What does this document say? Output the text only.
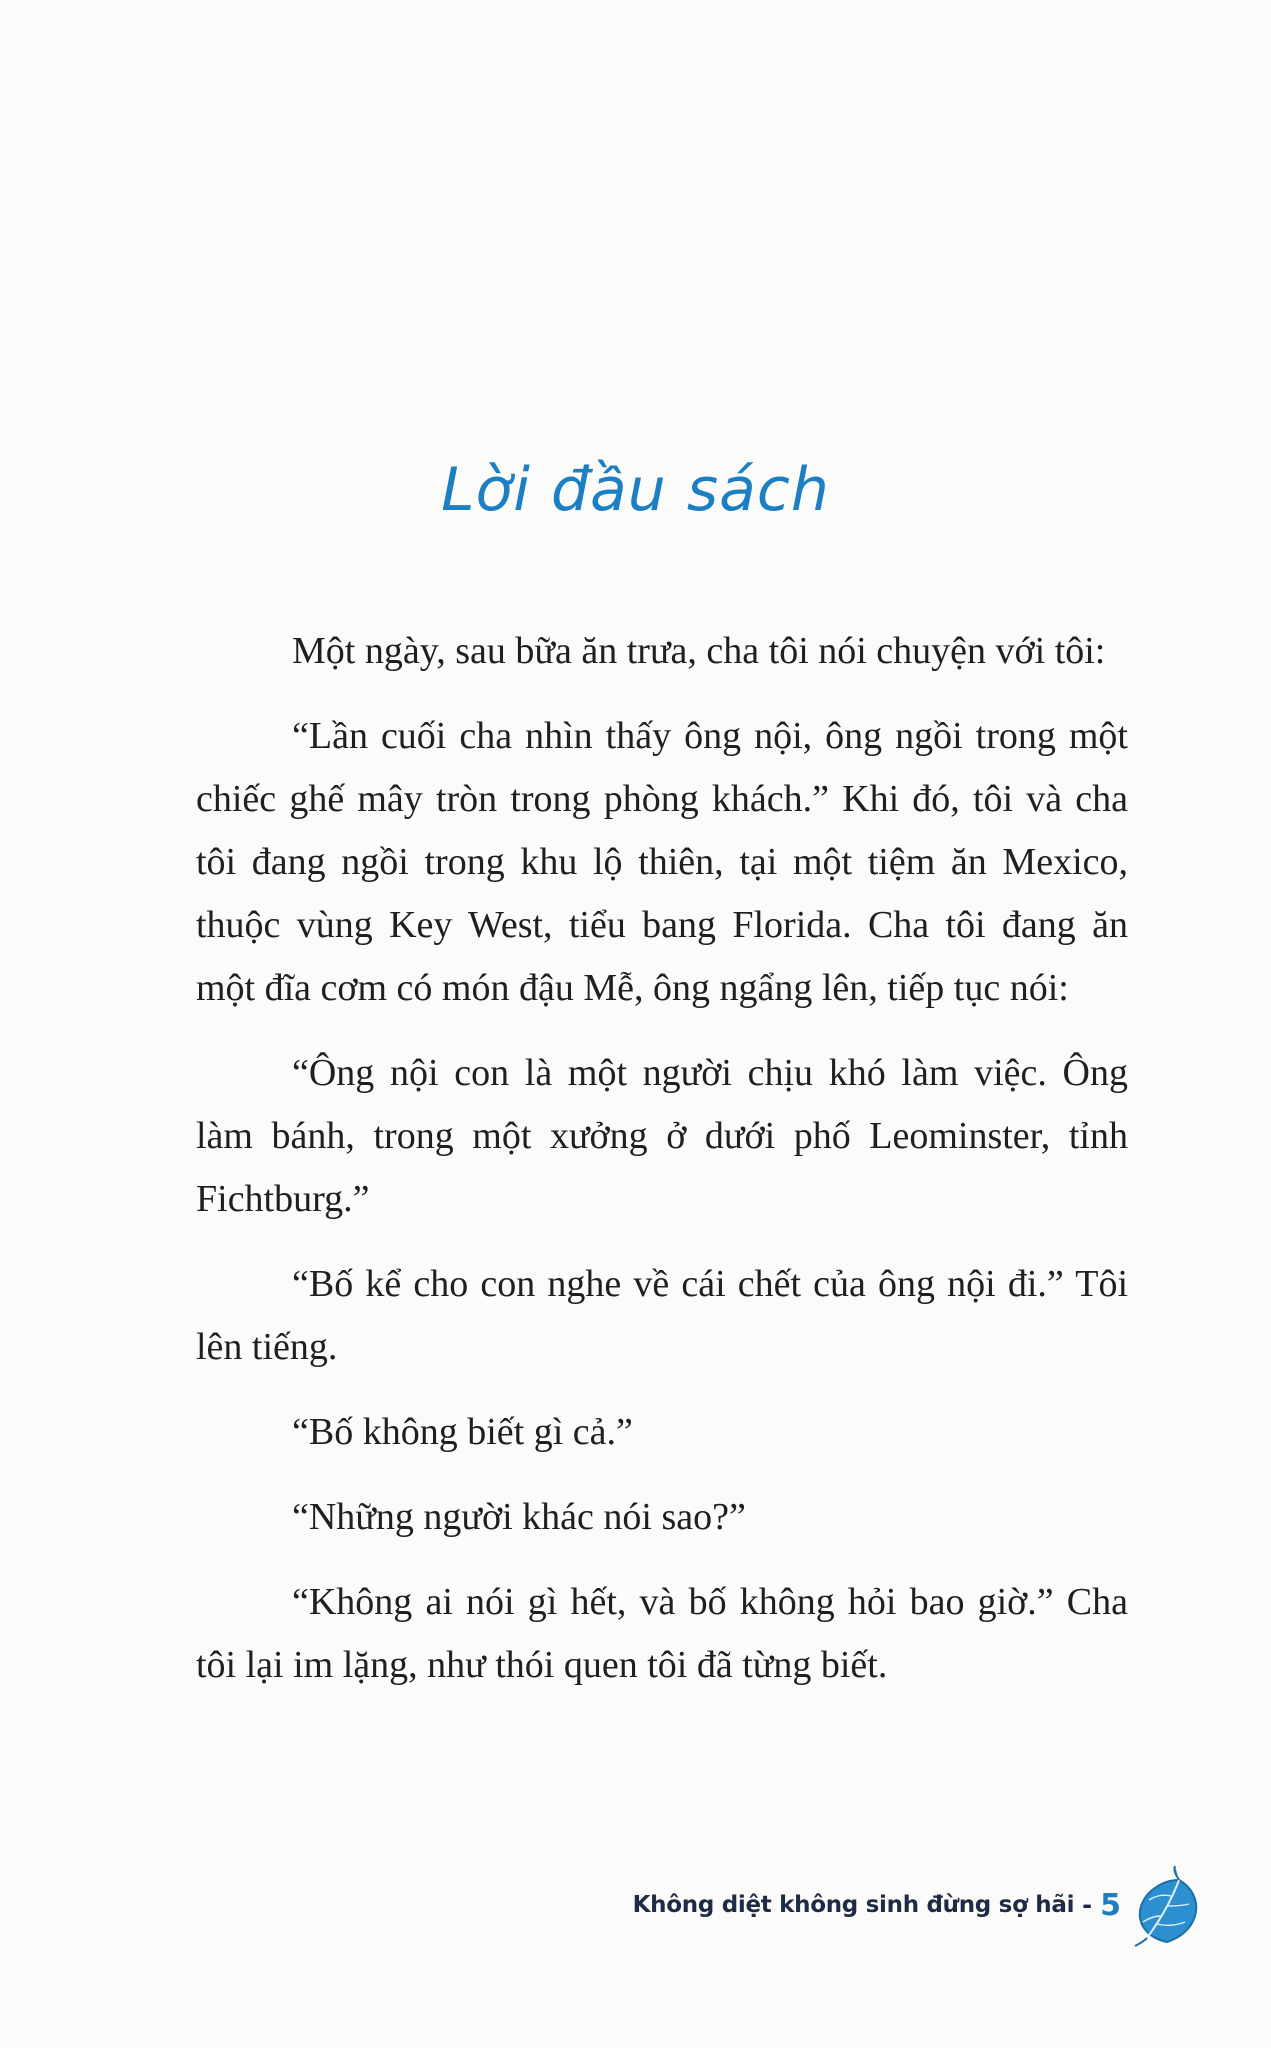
Lời đầu sách

Một ngày, sau bữa ăn trưa, cha tôi nói chuyện với tôi:

“Lần cuối cha nhìn thấy ông nội, ông ngồi trong một chiếc ghế mây tròn trong phòng khách.” Khi đó, tôi và cha tôi đang ngồi trong khu lộ thiên, tại một tiệm ăn Mexico, thuộc vùng Key West, tiểu bang Florida. Cha tôi đang ăn một đĩa cơm có món đậu Mễ, ông ngẩng lên, tiếp tục nói:

“Ông nội con là một người chịu khó làm việc. Ông làm bánh, trong một xưởng ở dưới phố Leominster, tỉnh Fichtburg.”

“Bố kể cho con nghe về cái chết của ông nội đi.” Tôi lên tiếng.

“Bố không biết gì cả.”

“Những người khác nói sao?”

“Không ai nói gì hết, và bố không hỏi bao giờ.” Cha tôi lại im lặng, như thói quen tôi đã từng biết.

Không diệt không sinh đừng sợ hãi - 5
